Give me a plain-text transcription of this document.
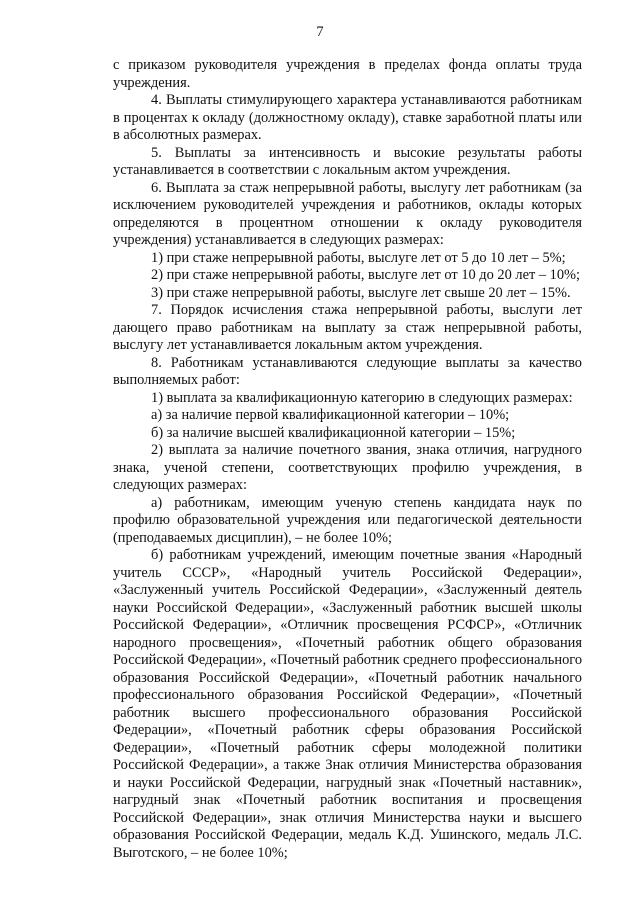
7

с приказом руководителя учреждения в пределах фонда оплаты труда учреждения.

4. Выплаты стимулирующего характера устанавливаются работникам в процентах к окладу (должностному окладу), ставке заработной платы или в абсолютных размерах.

5. Выплаты за интенсивность и высокие результаты работы устанавливается в соответствии с локальным актом учреждения.

6. Выплата за стаж непрерывной работы, выслугу лет работникам (за исключением руководителей учреждения и работников, оклады которых определяются в процентном отношении к окладу руководителя учреждения) устанавливается в следующих размерах:

1) при стаже непрерывной работы, выслуге лет от 5 до 10 лет – 5%;

2) при стаже непрерывной работы, выслуге лет от 10 до 20 лет – 10%;

3) при стаже непрерывной работы, выслуге лет свыше 20 лет – 15%.

7. Порядок исчисления стажа непрерывной работы, выслуги лет дающего право работникам на выплату за стаж непрерывной работы, выслугу лет устанавливается локальным актом учреждения.

8. Работникам устанавливаются следующие выплаты за качество выполняемых работ:

1) выплата за квалификационную категорию в следующих размерах:

а) за наличие первой квалификационной категории – 10%;

б) за наличие высшей квалификационной категории – 15%;

2) выплата за наличие почетного звания, знака отличия, нагрудного знака, ученой степени, соответствующих профилю учреждения, в следующих размерах:

а) работникам, имеющим ученую степень кандидата наук по профилю образовательной учреждения или педагогической деятельности (преподаваемых дисциплин), – не более 10%;

б) работникам учреждений, имеющим почетные звания «Народный учитель СССР», «Народный учитель Российской Федерации», «Заслуженный учитель Российской Федерации», «Заслуженный деятель науки Российской Федерации», «Заслуженный работник высшей школы Российской Федерации», «Отличник просвещения РСФСР», «Отличник народного просвещения», «Почетный работник общего образования Российской Федерации», «Почетный работник среднего профессионального образования Российской Федерации», «Почетный работник начального профессионального образования Российской Федерации», «Почетный работник высшего профессионального образования Российской Федерации», «Почетный работник сферы образования Российской Федерации», «Почетный работник сферы молодежной политики Российской Федерации», а также Знак отличия Министерства образования и науки Российской Федерации, нагрудный знак «Почетный наставник», нагрудный знак «Почетный работник воспитания и просвещения Российской Федерации», знак отличия Министерства науки и высшего образования Российской Федерации, медаль К.Д. Ушинского, медаль Л.С. Выготского, – не более 10%;
